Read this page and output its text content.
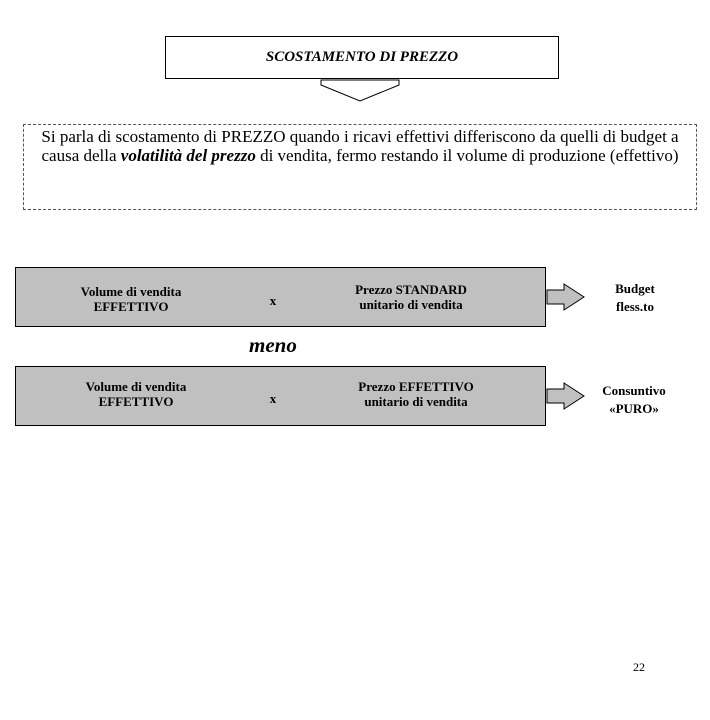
SCOSTAMENTO DI PREZZO
Si parla di scostamento di PREZZO quando i ricavi effettivi differiscono da quelli di budget a causa della volatilità del prezzo di vendita, fermo restando il volume di produzione (effettivo)
Volume di vendita
EFFETTIVO	x
Prezzo STANDARD
unitario di vendita
Budget
fless.to
meno
Volume di vendita
EFFETTIVO	x
Prezzo EFFETTIVO
unitario di vendita
Consuntivo
«PURO»
22
